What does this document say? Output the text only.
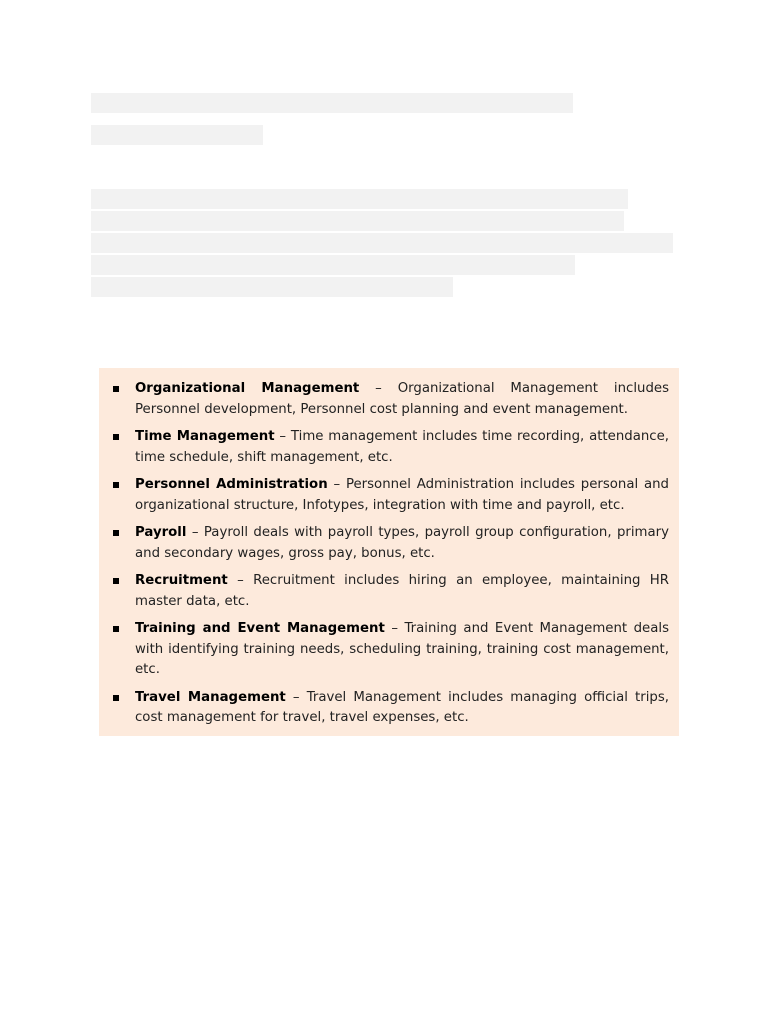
Organizational Management – Organizational Management includes Personnel development, Personnel cost planning and event management.
Time Management – Time management includes time recording, attendance, time schedule, shift management, etc.
Personnel Administration – Personnel Administration includes personal and organizational structure, Infotypes, integration with time and payroll, etc.
Payroll – Payroll deals with payroll types, payroll group configuration, primary and secondary wages, gross pay, bonus, etc.
Recruitment – Recruitment includes hiring an employee, maintaining HR master data, etc.
Training and Event Management – Training and Event Management deals with identifying training needs, scheduling training, training cost management, etc.
Travel Management – Travel Management includes managing official trips, cost management for travel, travel expenses, etc.
